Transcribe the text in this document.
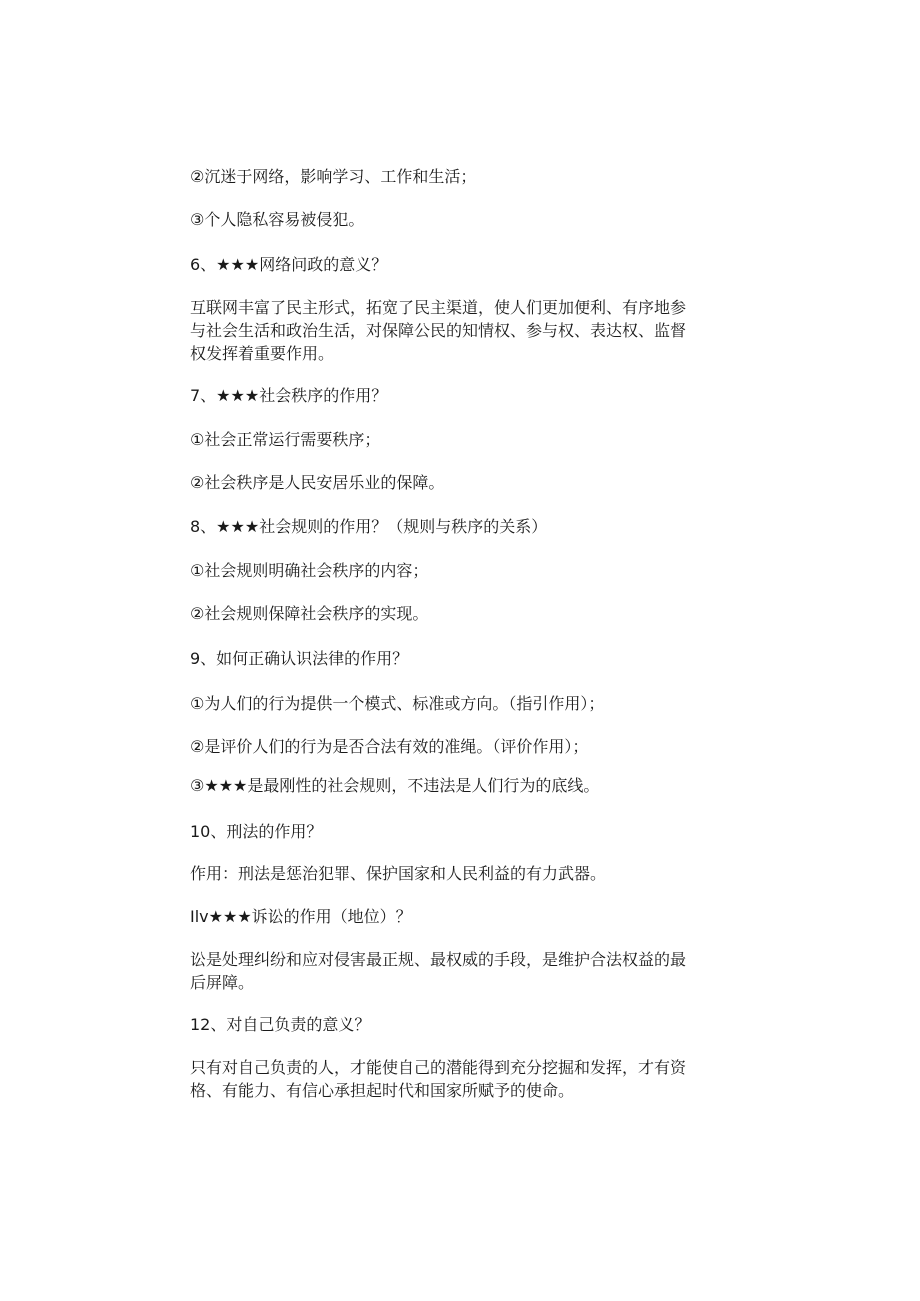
②沉迷于网络，影响学习、工作和生活；
③个人隐私容易被侵犯。
6、★★★网络问政的意义？
互联网丰富了民主形式，拓宽了民主渠道，使人们更加便利、有序地参
与社会生活和政治生活，对保障公民的知情权、参与权、表达权、监督
权发挥着重要作用。
7、★★★社会秩序的作用？
①社会正常运行需要秩序；
②社会秩序是人民安居乐业的保障。
8、★★★社会规则的作用？（规则与秩序的关系）
①社会规则明确社会秩序的内容；
②社会规则保障社会秩序的实现。
9、如何正确认识法律的作用？
①为人们的行为提供一个模式、标准或方向。（指引作用）；
②是评价人们的行为是否合法有效的准绳。（评价作用）；
③★★★是最刚性的社会规则，不违法是人们行为的底线。
10、刑法的作用？
作用：刑法是惩治犯罪、保护国家和人民利益的有力武器。
Ilv★★★诉讼的作用（地位）？
讼是处理纠纷和应对侵害最正规、最权威的手段，是维护合法权益的最
后屏障。
12、对自己负责的意义？
只有对自己负责的人，才能使自己的潜能得到充分挖掘和发挥，才有资
格、有能力、有信心承担起时代和国家所赋予的使命。
